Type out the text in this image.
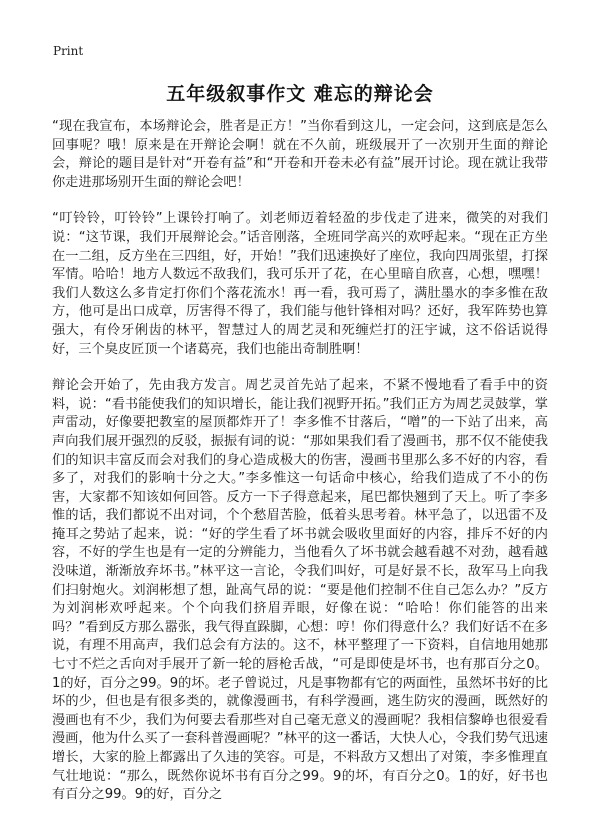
Print
五年级叙事作文 难忘的辩论会

“现在我宣布，本场辩论会，胜者是正方！”当你看到这儿，一定会问，这到底是怎么回事呢？哦！原来是在开辩论会啊！就在不久前，班级展开了一次别开生面的辩论会，辩论的题目是针对“开卷有益”和“开卷和开卷未必有益”展开讨论。现在就让我带你走进那场别开生面的辩论会吧！

“叮铃铃，叮铃铃”上课铃打响了。刘老师迈着轻盈的步伐走了进来，微笑的对我们说：“这节课，我们开展辩论会。”话音刚落，全班同学高兴的欢呼起来。“现在正方坐在一二组，反方坐在三四组，好，开始！”我们迅速换好了座位，我向四周张望，打探军情。哈哈！地方人数远不敌我们，我可乐开了花，在心里暗自欣喜，心想，嘿嘿！我们人数这么多肯定打你们个落花流水！再一看，我可焉了，满肚墨水的李多惟在敌方，他可是出口成章，厉害得不得了，我们能与他针锋相对吗？还好，我军阵势也算强大，有伶牙俐齿的林平，智慧过人的周艺灵和死缠烂打的汪宇诚，这不俗话说得好，三个臭皮匠顶一个诸葛亮，我们也能出奇制胜啊！

辩论会开始了，先由我方发言。周艺灵首先站了起来，不紧不慢地看了看手中的资料，说：“看书能使我们的知识增长，能让我们视野开拓。”我们正方为周艺灵鼓掌，掌声雷动，好像要把教室的屋顶都炸开了！李多惟不甘落后，“噌”的一下站了出来，高声向我们展开强烈的反驳，振振有词的说：“那如果我们看了漫画书，那不仅不能使我们的知识丰富反而会对我们的身心造成极大的伤害，漫画书里那么多不好的内容，看多了，对我们的影响十分之大。”李多惟这一句话命中核心，给我们造成了不小的伤害，大家都不知该如何回答。反方一下子得意起来，尾巴都快翘到了天上。听了李多惟的话，我们都说不出对词，个个愁眉苦脸，低着头思考着。林平急了，以迅雷不及掩耳之势站了起来，说：“好的学生看了坏书就会吸收里面好的内容，排斥不好的内容，不好的学生也是有一定的分辨能力，当他看久了坏书就会越看越不对劲，越看越没味道，渐渐放弃坏书。”林平这一言论，令我们叫好，可是好景不长，敌军马上向我们扫射炮火。刘润彬想了想，趾高气昂的说：“要是他们控制不住自己怎么办？”反方为刘润彬欢呼起来。个个向我们挤眉弄眼，好像在说：“哈哈！你们能答的出来吗？”看到反方那么嚣张，我气得直跺脚，心想：哼！你们得意什么？我们好话不在多说，有理不用高声，我们总会有方法的。这不，林平整理了一下资料，自信地用她那七寸不烂之舌向对手展开了新一轮的唇枪舌战，“可是即使是坏书，也有那百分之0。1的好，百分之99。9的坏。老子曾说过，凡是事物都有它的两面性，虽然坏书好的比坏的少，但也是有很多类的，就像漫画书，有科学漫画，逃生防灾的漫画，既然好的漫画也有不少，我们为何要去看那些对自己毫无意义的漫画呢？我相信黎峥也很爱看漫画，他为什么买了一套科普漫画呢？”林平的这一番话，大快人心，令我们势气迅速增长，大家的脸上都露出了久违的笑容。可是，不料敌方又想出了对策，李多惟理直气壮地说：“那么，既然你说坏书有百分之99。9的坏，有百分之0。1的好，好书也有百分之99。9的好，百分之
